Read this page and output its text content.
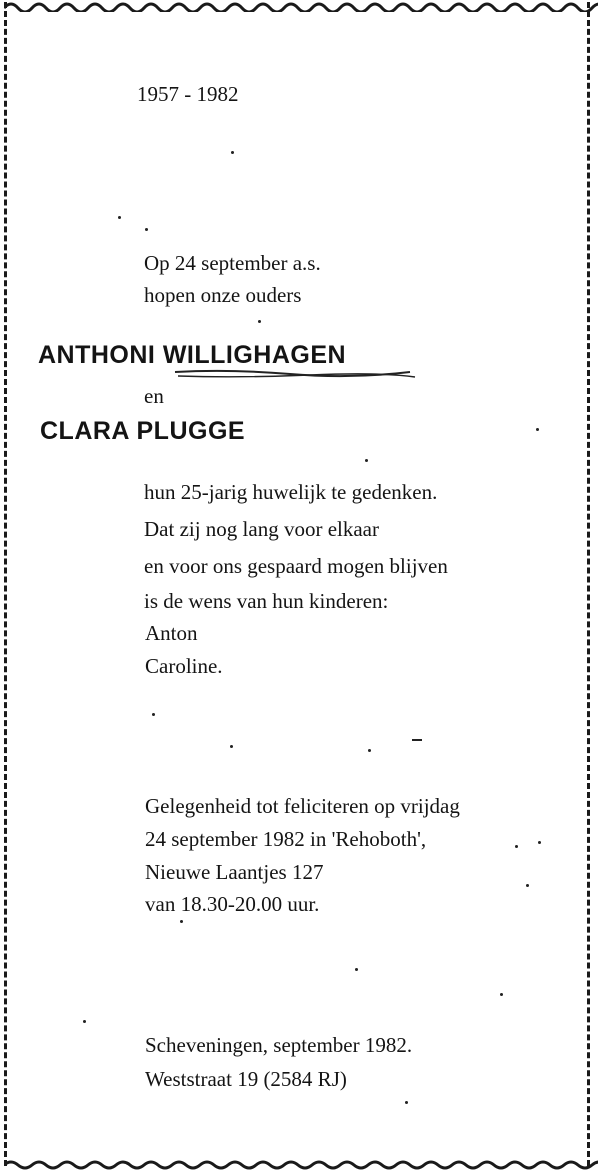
1957 - 1982

Op 24 september a.s.

hopen onze ouders

ANTHONI WILLIGHAGEN

en

CLARA PLUGGE

hun 25-jarig huwelijk te gedenken.

Dat zij nog lang voor elkaar

en voor ons gespaard mogen blijven

is de wens van hun kinderen:

Anton

Caroline.

Gelegenheid tot feliciteren op vrijdag

24 september 1982 in 'Rehoboth',

Nieuwe Laantjes 127

van 18.30-20.00 uur.

Scheveningen, september 1982.

Weststraat 19 (2584 RJ)
